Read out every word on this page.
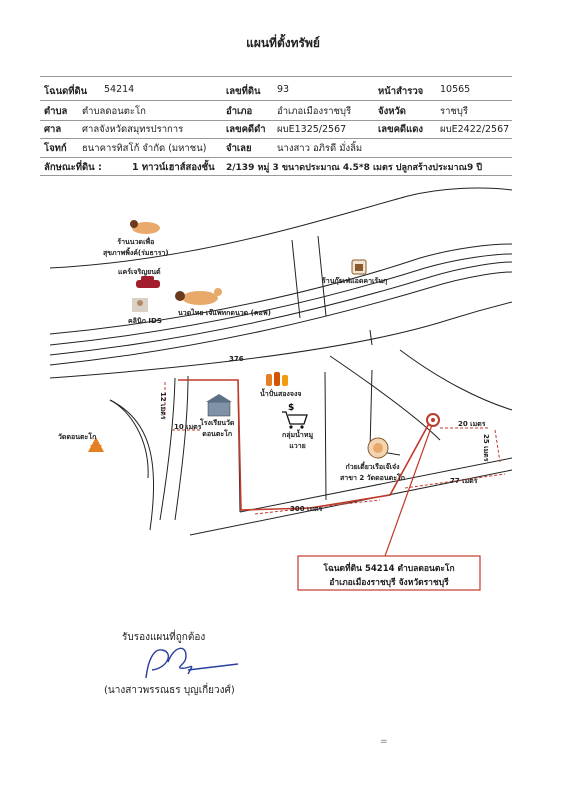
แผนที่ตั้งทรัพย์
โฉนดที่ดิน 54214	เลขที่ดิน 93	หน้าสำรวจ 10565
ตำบล ตำบลดอนตะโก	อำเภอ	อำเภอเมืองราชบุรี	จังหวัด	ราชบุรี
ศาล ศาลจังหวัดสมุทรปราการ	เลขคดีดำ ผบE1325/2567	เลขคดีแดง ผบE2422/2567
โจทก์ ธนาคารทิสโก้ จำกัด (มหาชน) จำเลย	นางสาว อภิรดี มั่งลิ้ม
ลักษณะที่ดิน :	1 ทาวน์เฮาส์สองชั้น 2/139 หมู่ 3 ขนาดประมาณ 4.5*8 เมตร ปลูกสร้างประมาณ9 ปี
$
ร้านนวดเพื่อ
สุขภาพพิ้งค์(ร่มธารา)
แคร์เจริญยนต์
คลินิก IDS
นวดไทย เจ๊แพทกดนวด (คอฟ)
ร้านกุ๊ยเฟ่แอดคาเร้นกุ
376
น้ำปั่นสองจงจ
โรงเรียนวัด
ดอนตะโก	กลุ่มน้ำหมู
แวาย
วัดดอนตะโก
ก๋วยเตี๋ยวเรือเจ๊เจ๋ง
สาขา 2 วัดดอนตะโก
300 เมตร
77 เมตร
20 เมตร
25 เมตร
10 เมตร
12 เมตร
โฉนดที่ดิน 54214 ตำบลดอนตะโก
อำเภอเมืองราชบุรี จังหวัดราชบุรี
รับรองแผนที่ถูกต้อง
(นางสาวพรรณธร บุญเกี่ยวงศ์)
=
